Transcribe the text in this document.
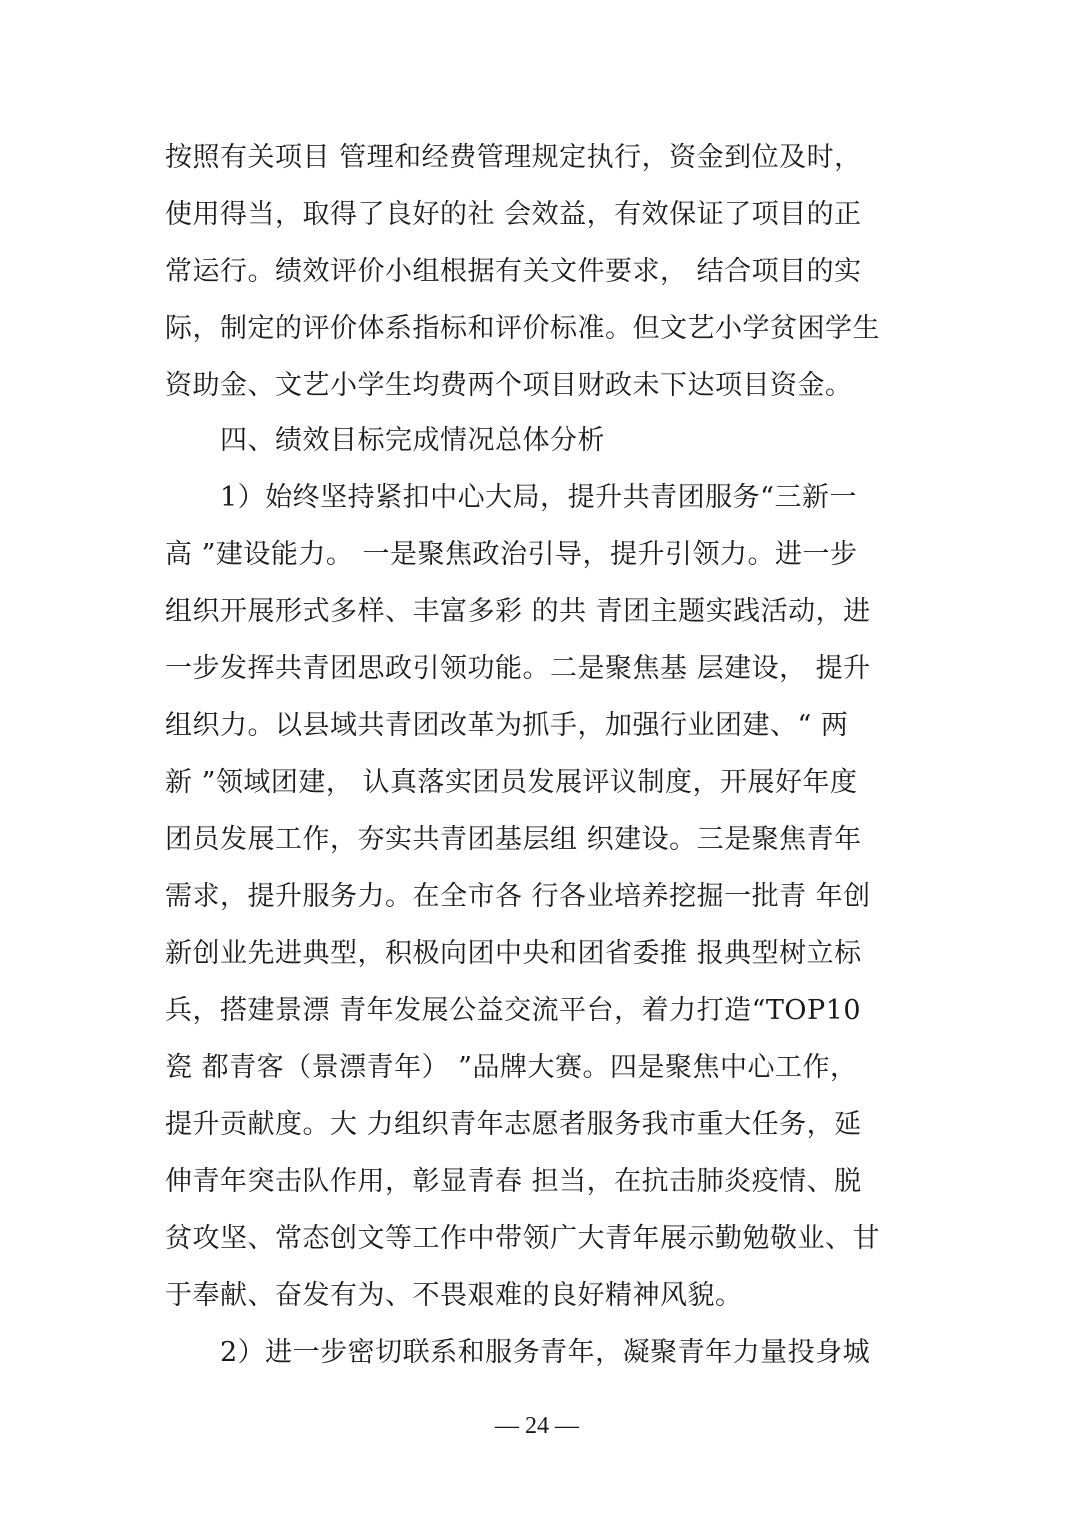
按照有关项目 管理和经费管理规定执行，资金到位及时，
使用得当，取得了良好的社 会效益，有效保证了项目的正
常运行。绩效评价小组根据有关文件要求， 结合项目的实
际，制定的评价体系指标和评价标准。但文艺小学贫困学生
资助金、文艺小学生均费两个项目财政未下达项目资金。
四、绩效目标完成情况总体分析
1）始终坚持紧扣中心大局，提升共青团服务“三新一
高 ”建设能力。 一是聚焦政治引导，提升引领力。进一步
组织开展形式多样、丰富多彩 的共 青团主题实践活动，进
一步发挥共青团思政引领功能。二是聚焦基 层建设， 提升
组织力。以县域共青团改革为抓手，加强行业团建、“ 两
新 ”领域团建， 认真落实团员发展评议制度，开展好年度
团员发展工作，夯实共青团基层组 织建设。三是聚焦青年
需求，提升服务力。在全市各 行各业培养挖掘一批青 年创
新创业先进典型，积极向团中央和团省委推 报典型树立标
兵，搭建景漂 青年发展公益交流平台，着力打造“TOP10
瓷 都青客（景漂青年） ”品牌大赛。四是聚焦中心工作，
提升贡献度。大 力组织青年志愿者服务我市重大任务，延
伸青年突击队作用，彰显青春 担当，在抗击肺炎疫情、脱
贫攻坚、常态创文等工作中带领广大青年展示勤勉敬业、甘
于奉献、奋发有为、不畏艰难的良好精神风貌。
2）进一步密切联系和服务青年，凝聚青年力量投身城
— 24 —
